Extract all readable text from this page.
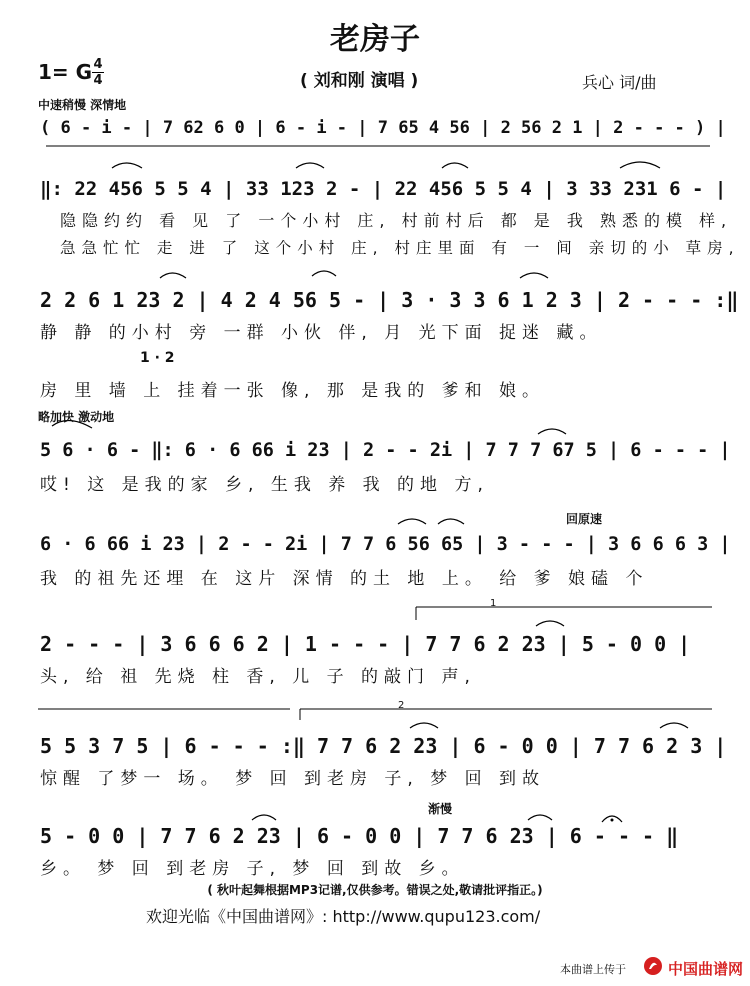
老房子
1= G 4
4	( 刘和刚 演唱 )	兵心 词/曲
中速稍慢 深情地
略加快 激动地
回原速
渐慢
1
2
1 · 2
( 6 - i - | 7 62 6 0 | 6 - i - | 7 65 4 56 | 2 56 2 1 | 2 - - - ) |
‖: 22 456 5 5 4 | 33 123 2 - | 22 456 5 5 4 | 3 33 231 6 - |
隐隐约约 看 见 了 一个小村 庄, 村前村后 都 是 我 熟悉的模 样,
急急忙忙 走 进 了 这个小村 庄, 村庄里面 有 一 间 亲切的小 草房,
2 2 6 1 23 2 | 4 2 4 56 5 - | 3 · 3 3 6 1 2 3 | 2 - - - :‖
静 静 的小村 旁 一群 小伙 伴, 月 光下面 捉迷 藏。
房 里 墙 上 挂着一张 像, 那 是我的 爹和 娘。
5 6 · 6 - ‖: 6 · 6 66 i 23 | 2 - - 2i | 7 7 7 67 5 | 6 - - - |
哎! 这 是我的家 乡, 生我 养 我 的地 方,
6 · 6 66 i 23 | 2 - - 2i | 7 7 6 56 65 | 3 - - - | 3 6 6 6 3 |
我 的祖先还埋 在 这片 深情 的土 地 上。 给 爹 娘磕 个
2 - - - | 3 6 6 6 2 | 1 - - - | 7 7 6 2 23 | 5 - 0 0 |
头, 给 祖 先烧 柱 香, 儿 子 的敲门 声,
5 5 3 7 5 | 6 - - - :‖ 7 7 6 2 23 | 6 - 0 0 | 7 7 6 2 3 |
惊醒 了梦一 场。 梦 回 到老房 子, 梦 回 到故
5 - 0 0 | 7 7 6 2 23 | 6 - 0 0 | 7 7 6 23 | 6 - - - ‖
乡。 梦 回 到老房 子, 梦 回 到故 乡。
( 秋叶起舞根据MP3记谱,仅供参考。错误之处,敬请批评指正。)
欢迎光临《中国曲谱网》: http://www.qupu123.com/
本曲谱上传于	中国曲谱网
